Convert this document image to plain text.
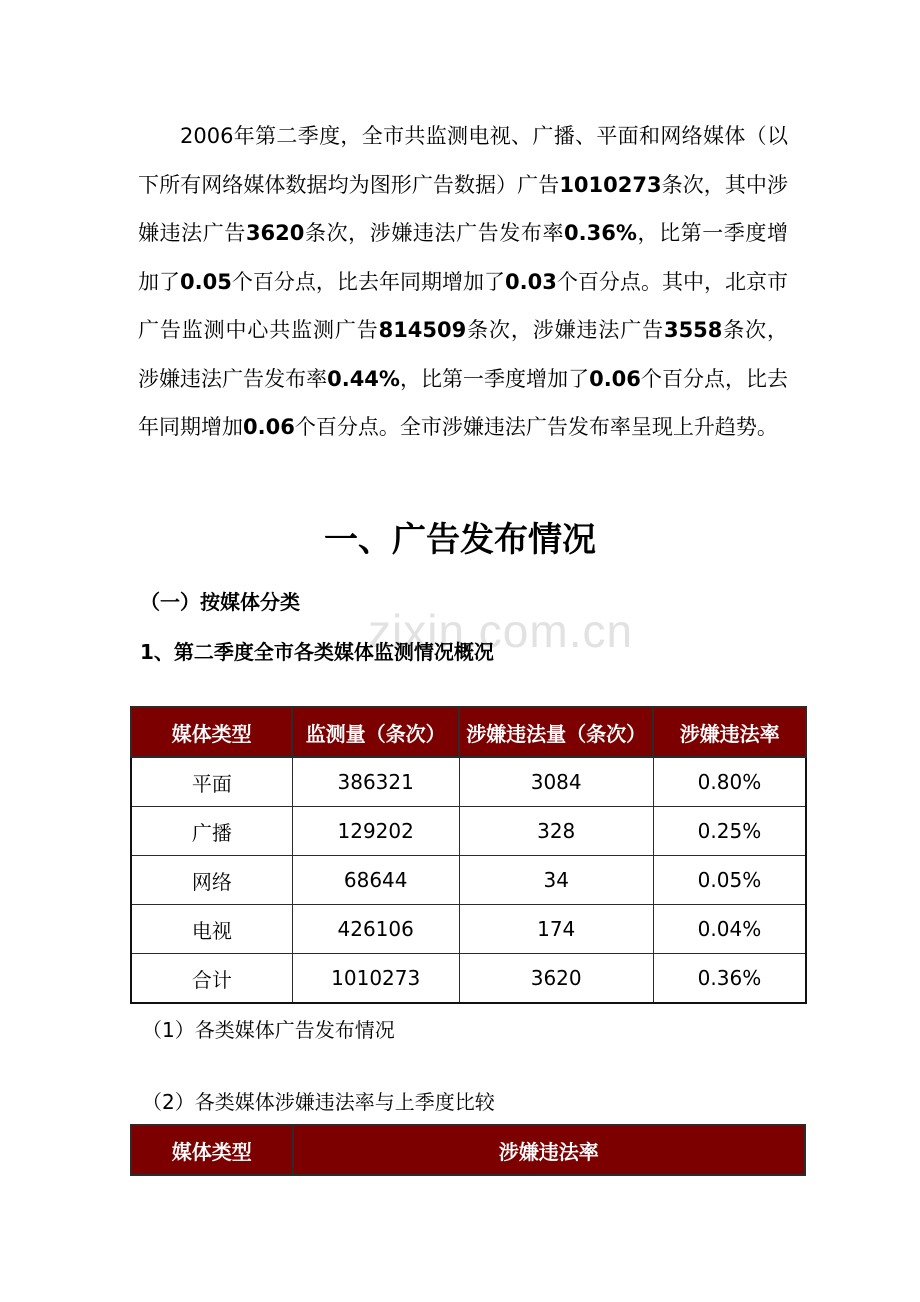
2006年第二季度，全市共监测电视、广播、平面和网络媒体（以下所有网络媒体数据均为图形广告数据）广告1010273条次，其中涉嫌违法广告3620条次，涉嫌违法广告发布率0.36%，比第一季度增加了0.05个百分点，比去年同期增加了0.03个百分点。其中，北京市广告监测中心共监测广告814509条次，涉嫌违法广告3558条次，涉嫌违法广告发布率0.44%，比第一季度增加了0.06个百分点，比去年同期增加0.06个百分点。全市涉嫌违法广告发布率呈现上升趋势。

一、广告发布情况

（一）按媒体分类

zixin.com.cn

1、第二季度全市各类媒体监测情况概况

媒体类型	监测量（条次）	涉嫌违法量（条次）	涉嫌违法率
平面	386321	3084	0.80%
广播	129202	328	0.25%
网络	68644	34	0.05%
电视	426106	174	0.04%
合计	1010273	3620	0.36%

（1）各类媒体广告发布情况

（2）各类媒体涉嫌违法率与上季度比较

媒体类型	涉嫌违法率
